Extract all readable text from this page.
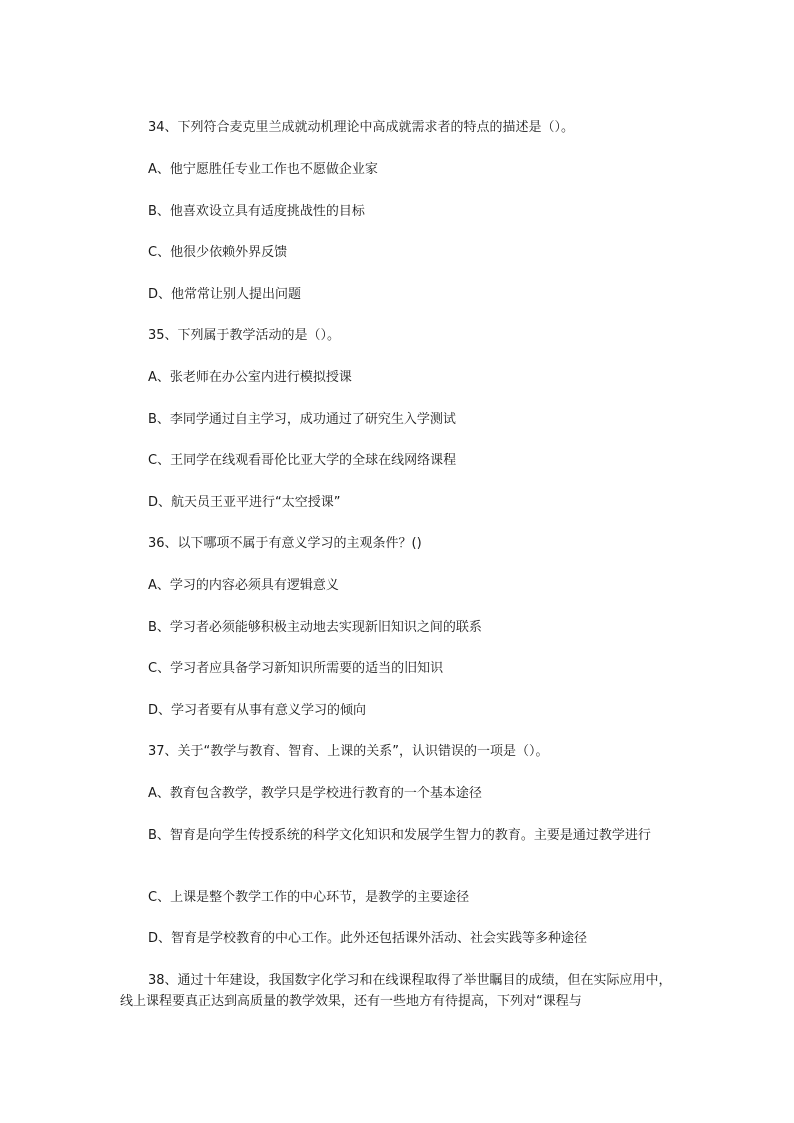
34、下列符合麦克里兰成就动机理论中高成就需求者的特点的描述是（）。
A、他宁愿胜任专业工作也不愿做企业家
B、他喜欢设立具有适度挑战性的目标
C、他很少依赖外界反馈
D、他常常让别人提出问题
35、下列属于教学活动的是（）。
A、张老师在办公室内进行模拟授课
B、李同学通过自主学习，成功通过了研究生入学测试
C、王同学在线观看哥伦比亚大学的全球在线网络课程
D、航天员王亚平进行“太空授课”
36、以下哪项不属于有意义学习的主观条件？()
A、学习的内容必须具有逻辑意义
B、学习者必须能够积极主动地去实现新旧知识之间的联系
C、学习者应具备学习新知识所需要的适当的旧知识
D、学习者要有从事有意义学习的倾向
37、关于“教学与教育、智育、上课的关系”，认识错误的一项是（）。
A、教育包含教学，教学只是学校进行教育的一个基本途径
B、智育是向学生传授系统的科学文化知识和发展学生智力的教育。主要是通过教学进行
C、上课是整个教学工作的中心环节，是教学的主要途径
D、智育是学校教育的中心工作。此外还包括课外活动、社会实践等多种途径
38、通过十年建设，我国数字化学习和在线课程取得了举世瞩目的成绩，但在实际应用中，线上课程要真正达到高质量的教学效果，还有一些地方有待提高，下列对“课程与
